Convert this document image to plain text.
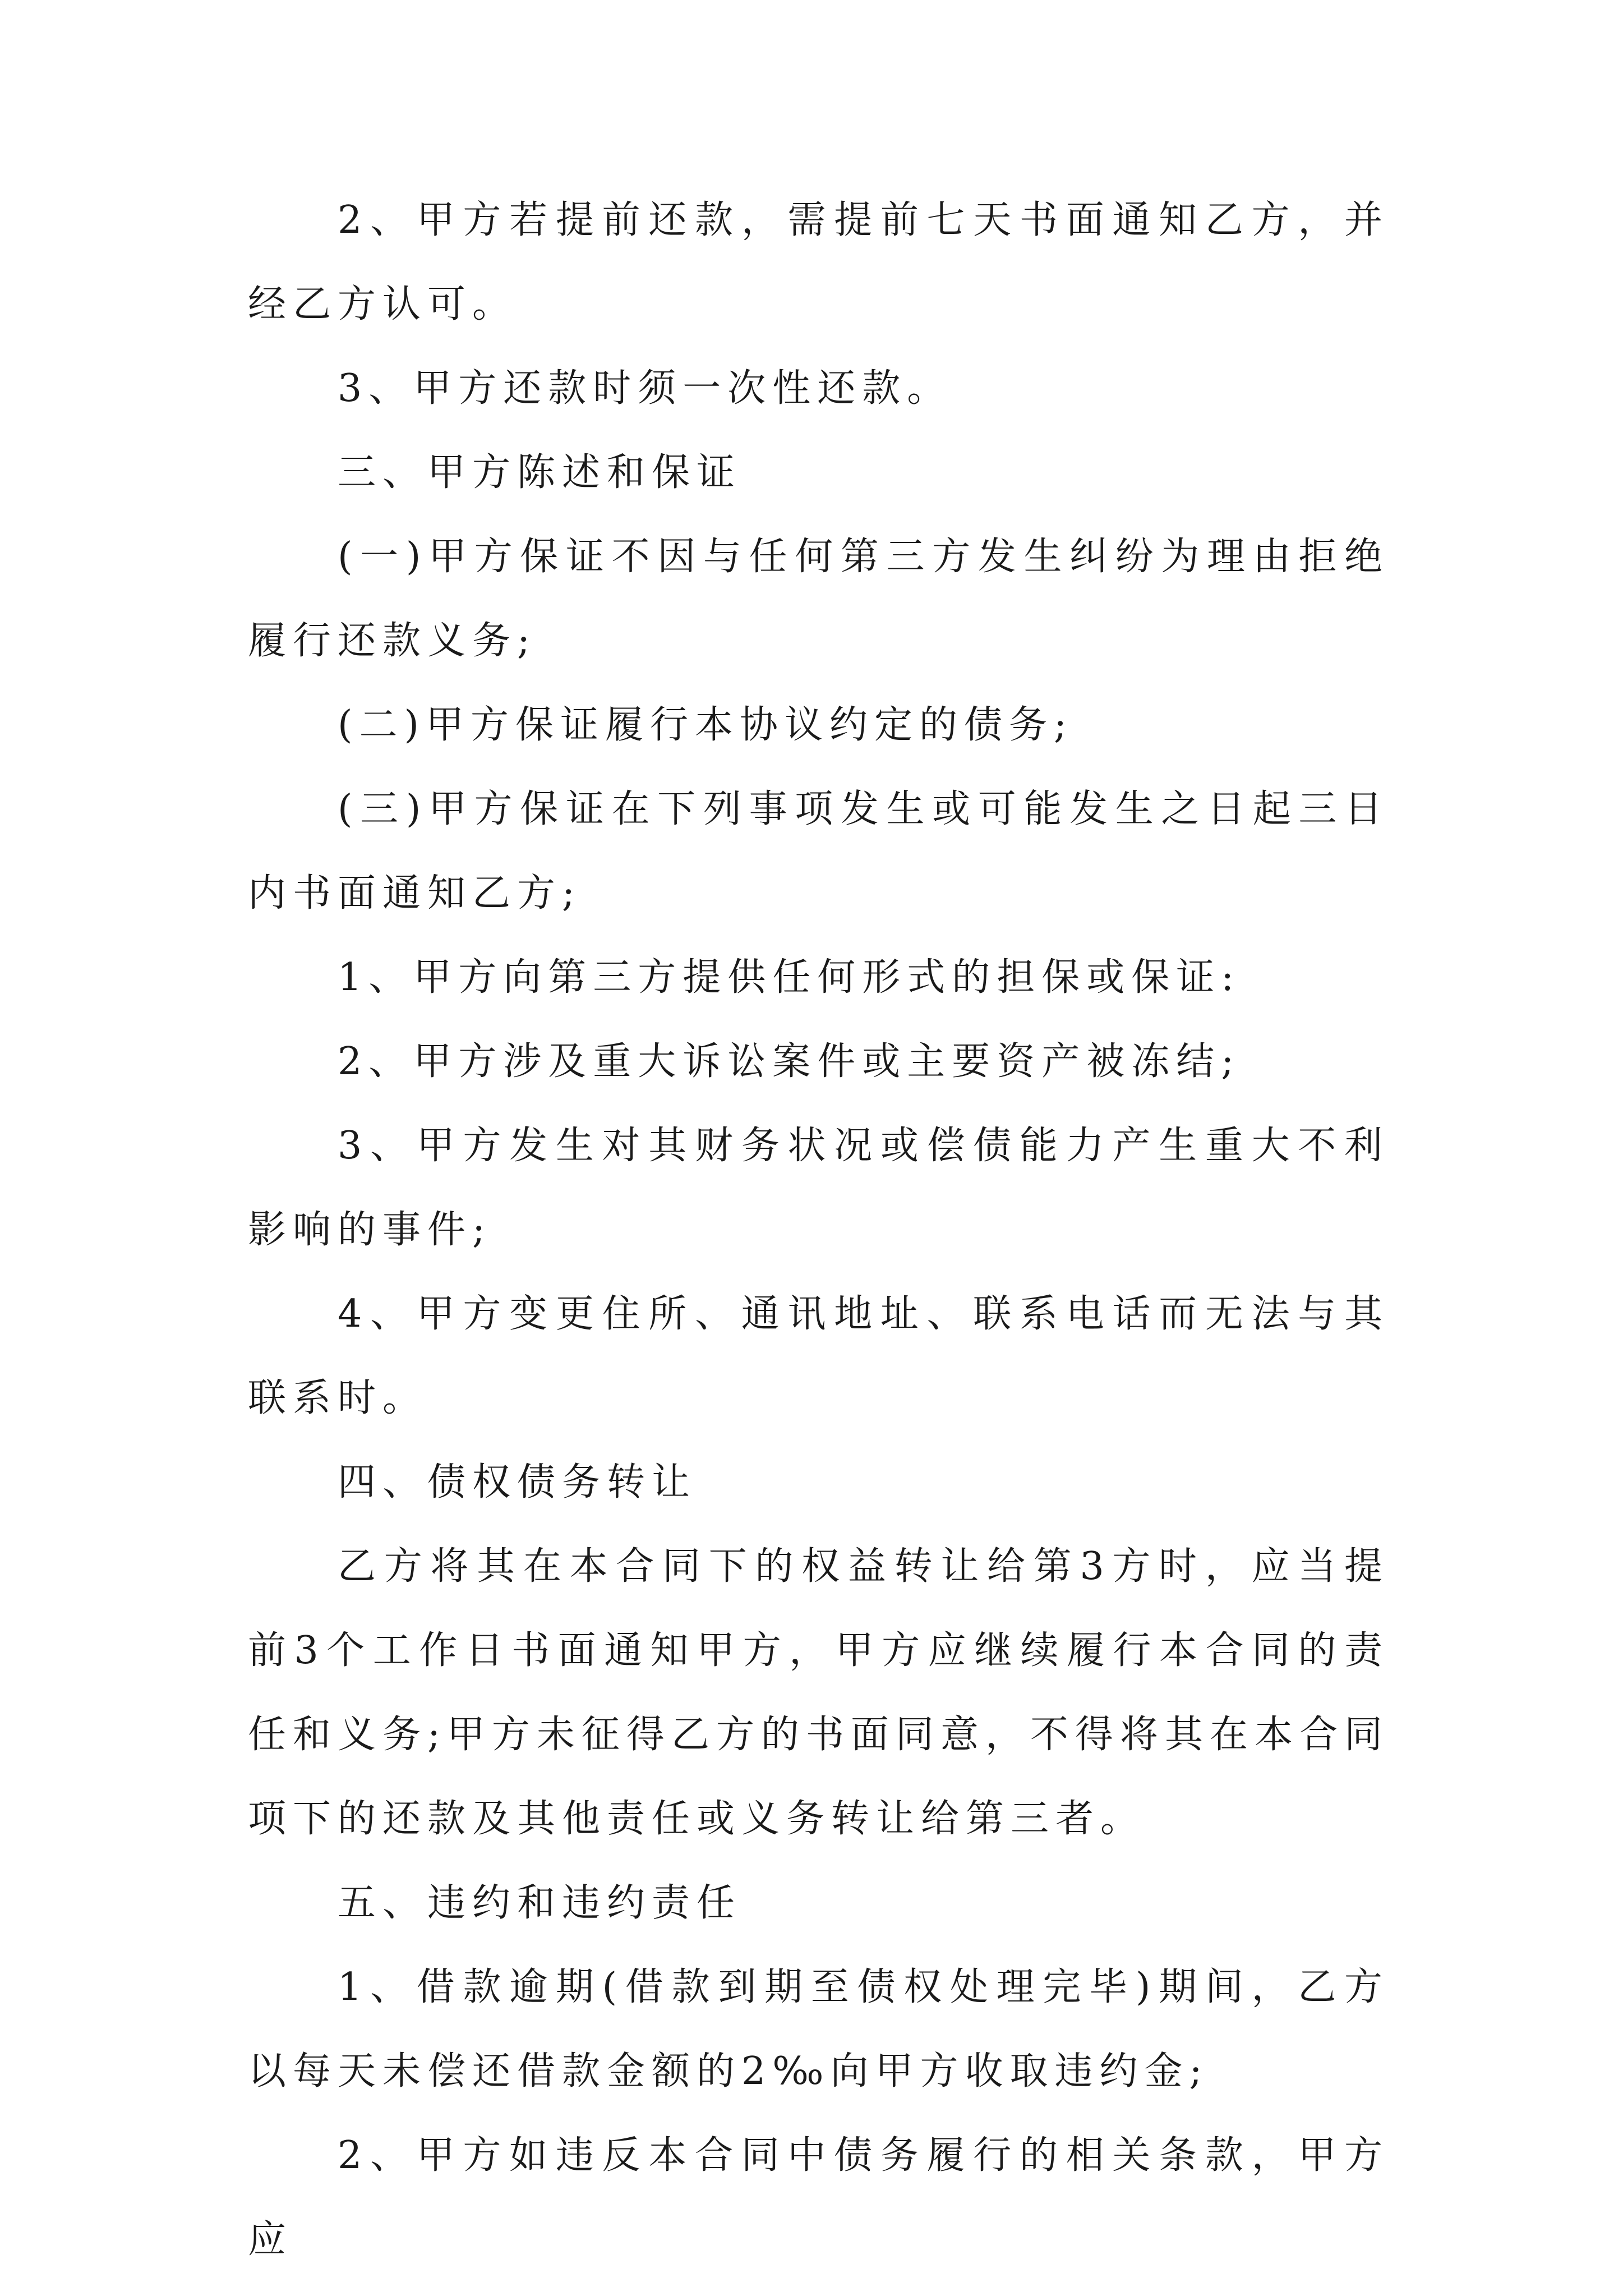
2、甲方若提前还款，需提前七天书面通知乙方，并经乙方认可。

3、甲方还款时须一次性还款。

三、甲方陈述和保证

(一)甲方保证不因与任何第三方发生纠纷为理由拒绝履行还款义务;

(二)甲方保证履行本协议约定的债务;

(三)甲方保证在下列事项发生或可能发生之日起三日内书面通知乙方;

1、甲方向第三方提供任何形式的担保或保证:

2、甲方涉及重大诉讼案件或主要资产被冻结;

3、甲方发生对其财务状况或偿债能力产生重大不利影响的事件;

4、甲方变更住所、通讯地址、联系电话而无法与其联系时。

四、债权债务转让

乙方将其在本合同下的权益转让给第3方时，应当提前3个工作日书面通知甲方，甲方应继续履行本合同的责任和义务;甲方未征得乙方的书面同意，不得将其在本合同项下的还款及其他责任或义务转让给第三者。

五、违约和违约责任

1、借款逾期(借款到期至债权处理完毕)期间，乙方以每天未偿还借款金额的2‰向甲方收取违约金;

2、甲方如违反本合同中债务履行的相关条款，甲方应
